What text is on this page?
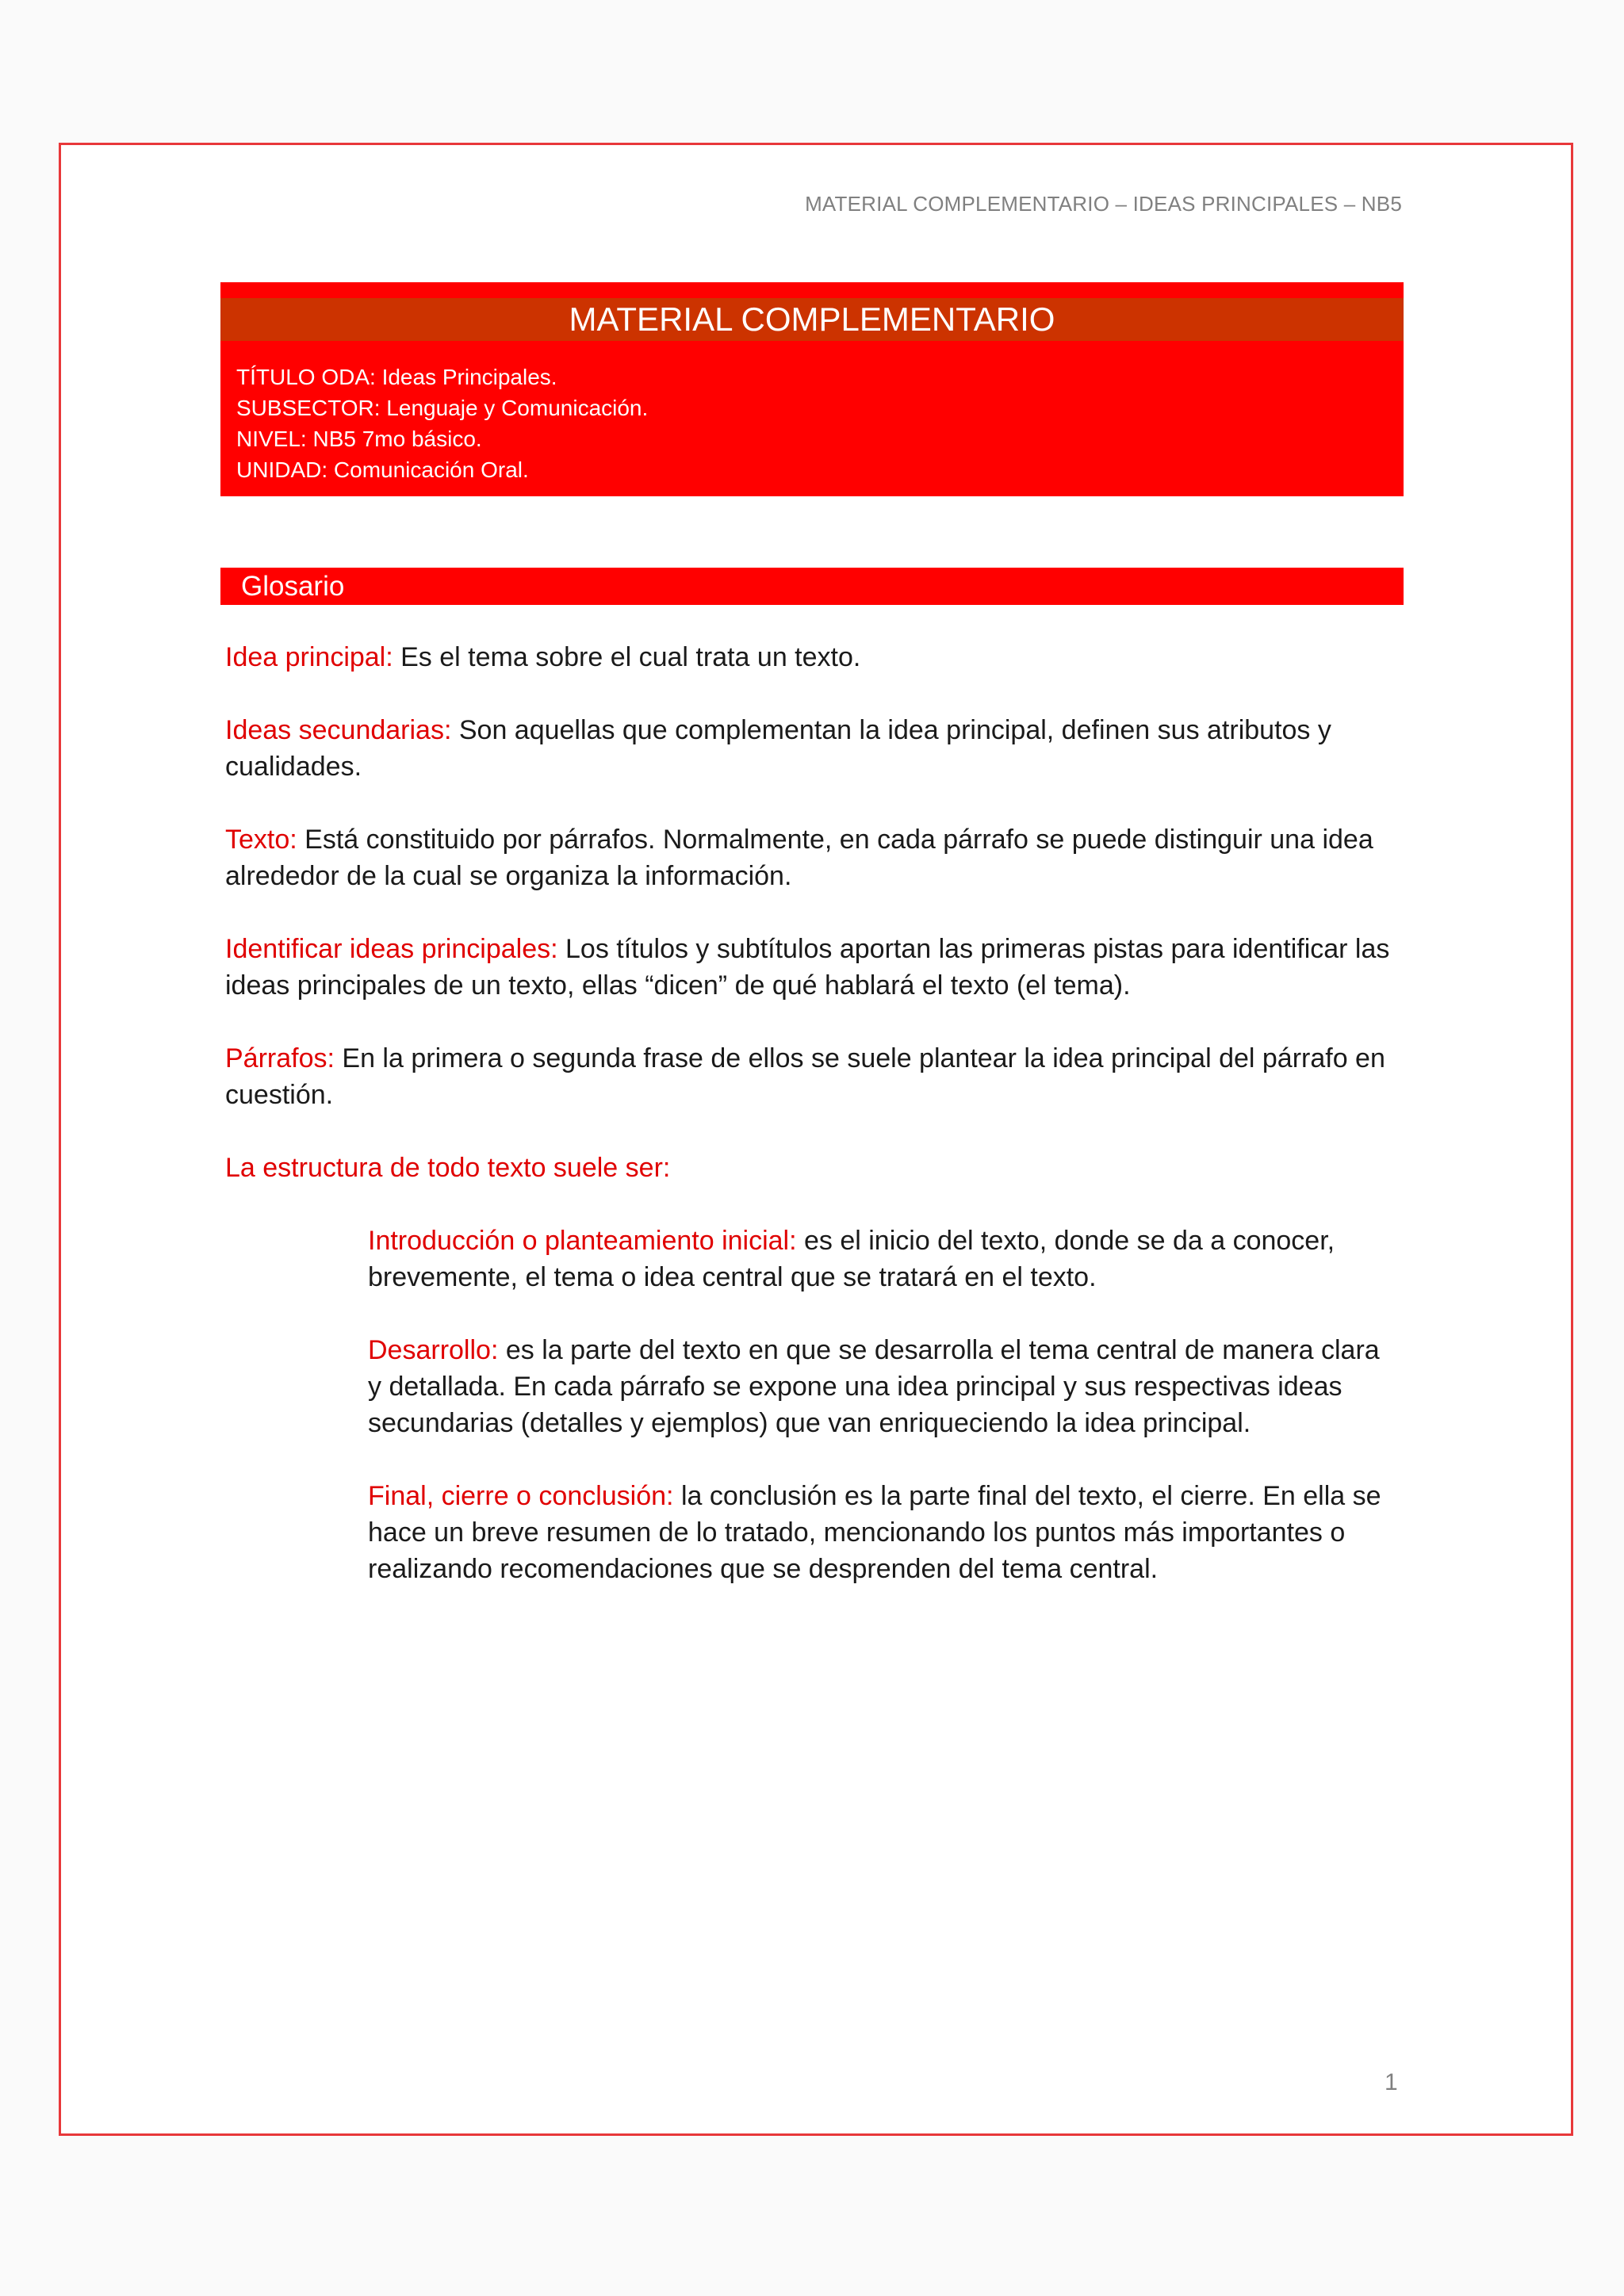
MATERIAL COMPLEMENTARIO – IDEAS PRINCIPALES – NB5
MATERIAL COMPLEMENTARIO
TÍTULO ODA: Ideas Principales.
SUBSECTOR: Lenguaje y Comunicación.
NIVEL: NB5 7mo básico.
UNIDAD: Comunicación Oral.
Glosario

Idea principal: Es el tema sobre el cual trata un texto.

Ideas secundarias: Son aquellas que complementan la idea principal, definen sus atributos y cualidades.

Texto: Está constituido por párrafos. Normalmente, en cada párrafo se puede distinguir una idea alrededor de la cual se organiza la información.

Identificar ideas principales: Los títulos y subtítulos aportan las primeras pistas para identificar las ideas principales de un texto, ellas “dicen” de qué hablará el texto (el tema).

Párrafos: En la primera o segunda frase de ellos se suele plantear la idea principal del párrafo en cuestión.

La estructura de todo texto suele ser:

Introducción o planteamiento inicial: es el inicio del texto, donde se da a conocer, brevemente, el tema o idea central que se tratará en el texto.

Desarrollo: es la parte del texto en que se desarrolla el tema central de manera clara y detallada. En cada párrafo se expone una idea principal y sus respectivas ideas secundarias (detalles y ejemplos) que van enriqueciendo la idea principal.

Final, cierre o conclusión: la conclusión es la parte final del texto, el cierre. En ella se hace un breve resumen de lo tratado, mencionando los puntos más importantes o realizando recomendaciones que se desprenden del tema central.

1
